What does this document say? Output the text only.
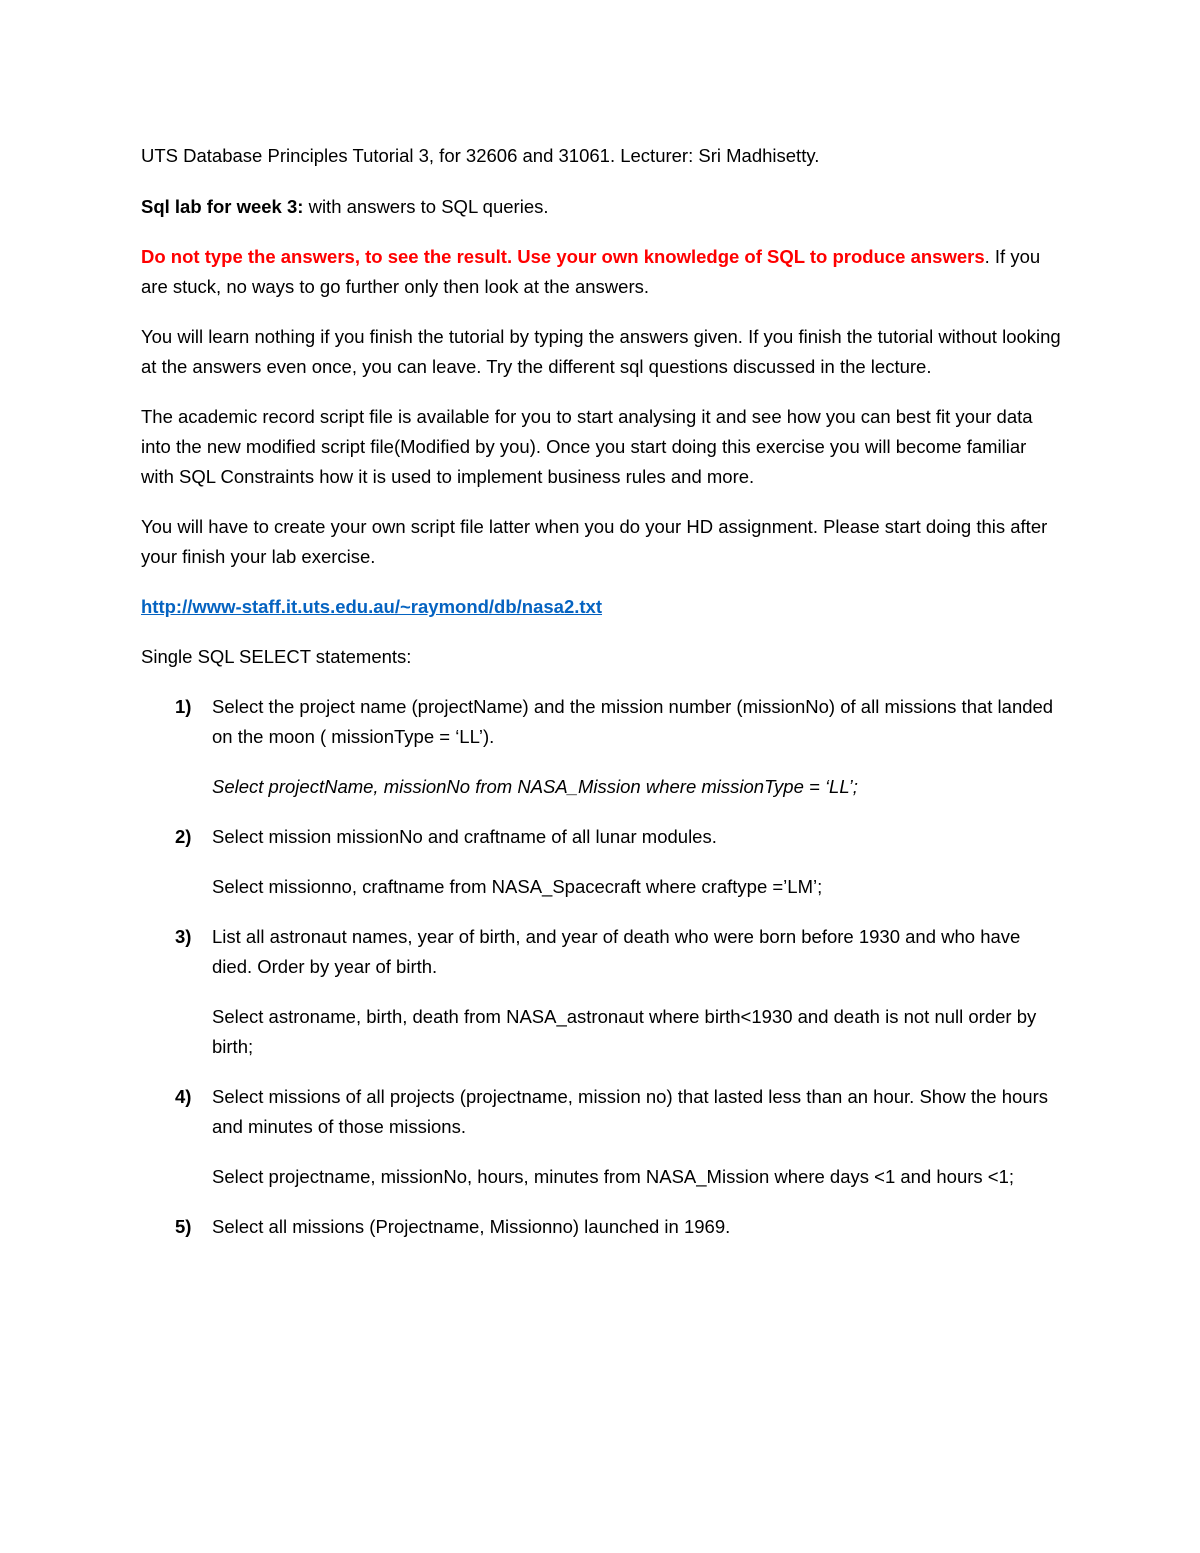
UTS Database Principles Tutorial 3, for 32606 and 31061. Lecturer: Sri Madhisetty.

Sql lab for week 3: with answers to SQL queries.

Do not type the answers, to see the result. Use your own knowledge of SQL to produce answers. If you are stuck, no ways to go further only then look at the answers.

You will learn nothing if you finish the tutorial by typing the answers given. If you finish the tutorial without looking at the answers even once, you can leave. Try the different sql questions discussed in the lecture.

The academic record script file is available for you to start analysing it and see how you can best fit your data into the new modified script file(Modified by you). Once you start doing this exercise you will become familiar with SQL Constraints how it is used to implement business rules and more.

You will have to create your own script file latter when you do your HD assignment. Please start doing this after your finish your lab exercise.

http://www-staff.it.uts.edu.au/~raymond/db/nasa2.txt

Single SQL SELECT statements:

1) Select the project name (projectName) and the mission number (missionNo) of all missions that landed on the moon ( missionType = ‘LL’).

Select projectName, missionNo from NASA_Mission where missionType = ‘LL’;

2) Select mission missionNo and craftname of all lunar modules.

Select missionno, craftname from NASA_Spacecraft where craftype =’LM’;

3) List all astronaut names, year of birth, and year of death who were born before 1930 and who have died. Order by year of birth.

Select astroname, birth, death from NASA_astronaut where birth<1930 and death is not null order by birth;

4) Select missions of all projects (projectname, mission no) that lasted less than an hour. Show the hours and minutes of those missions.

Select projectname, missionNo, hours, minutes from NASA_Mission where days <1 and hours <1;

5) Select all missions (Projectname, Missionno) launched in 1969.
